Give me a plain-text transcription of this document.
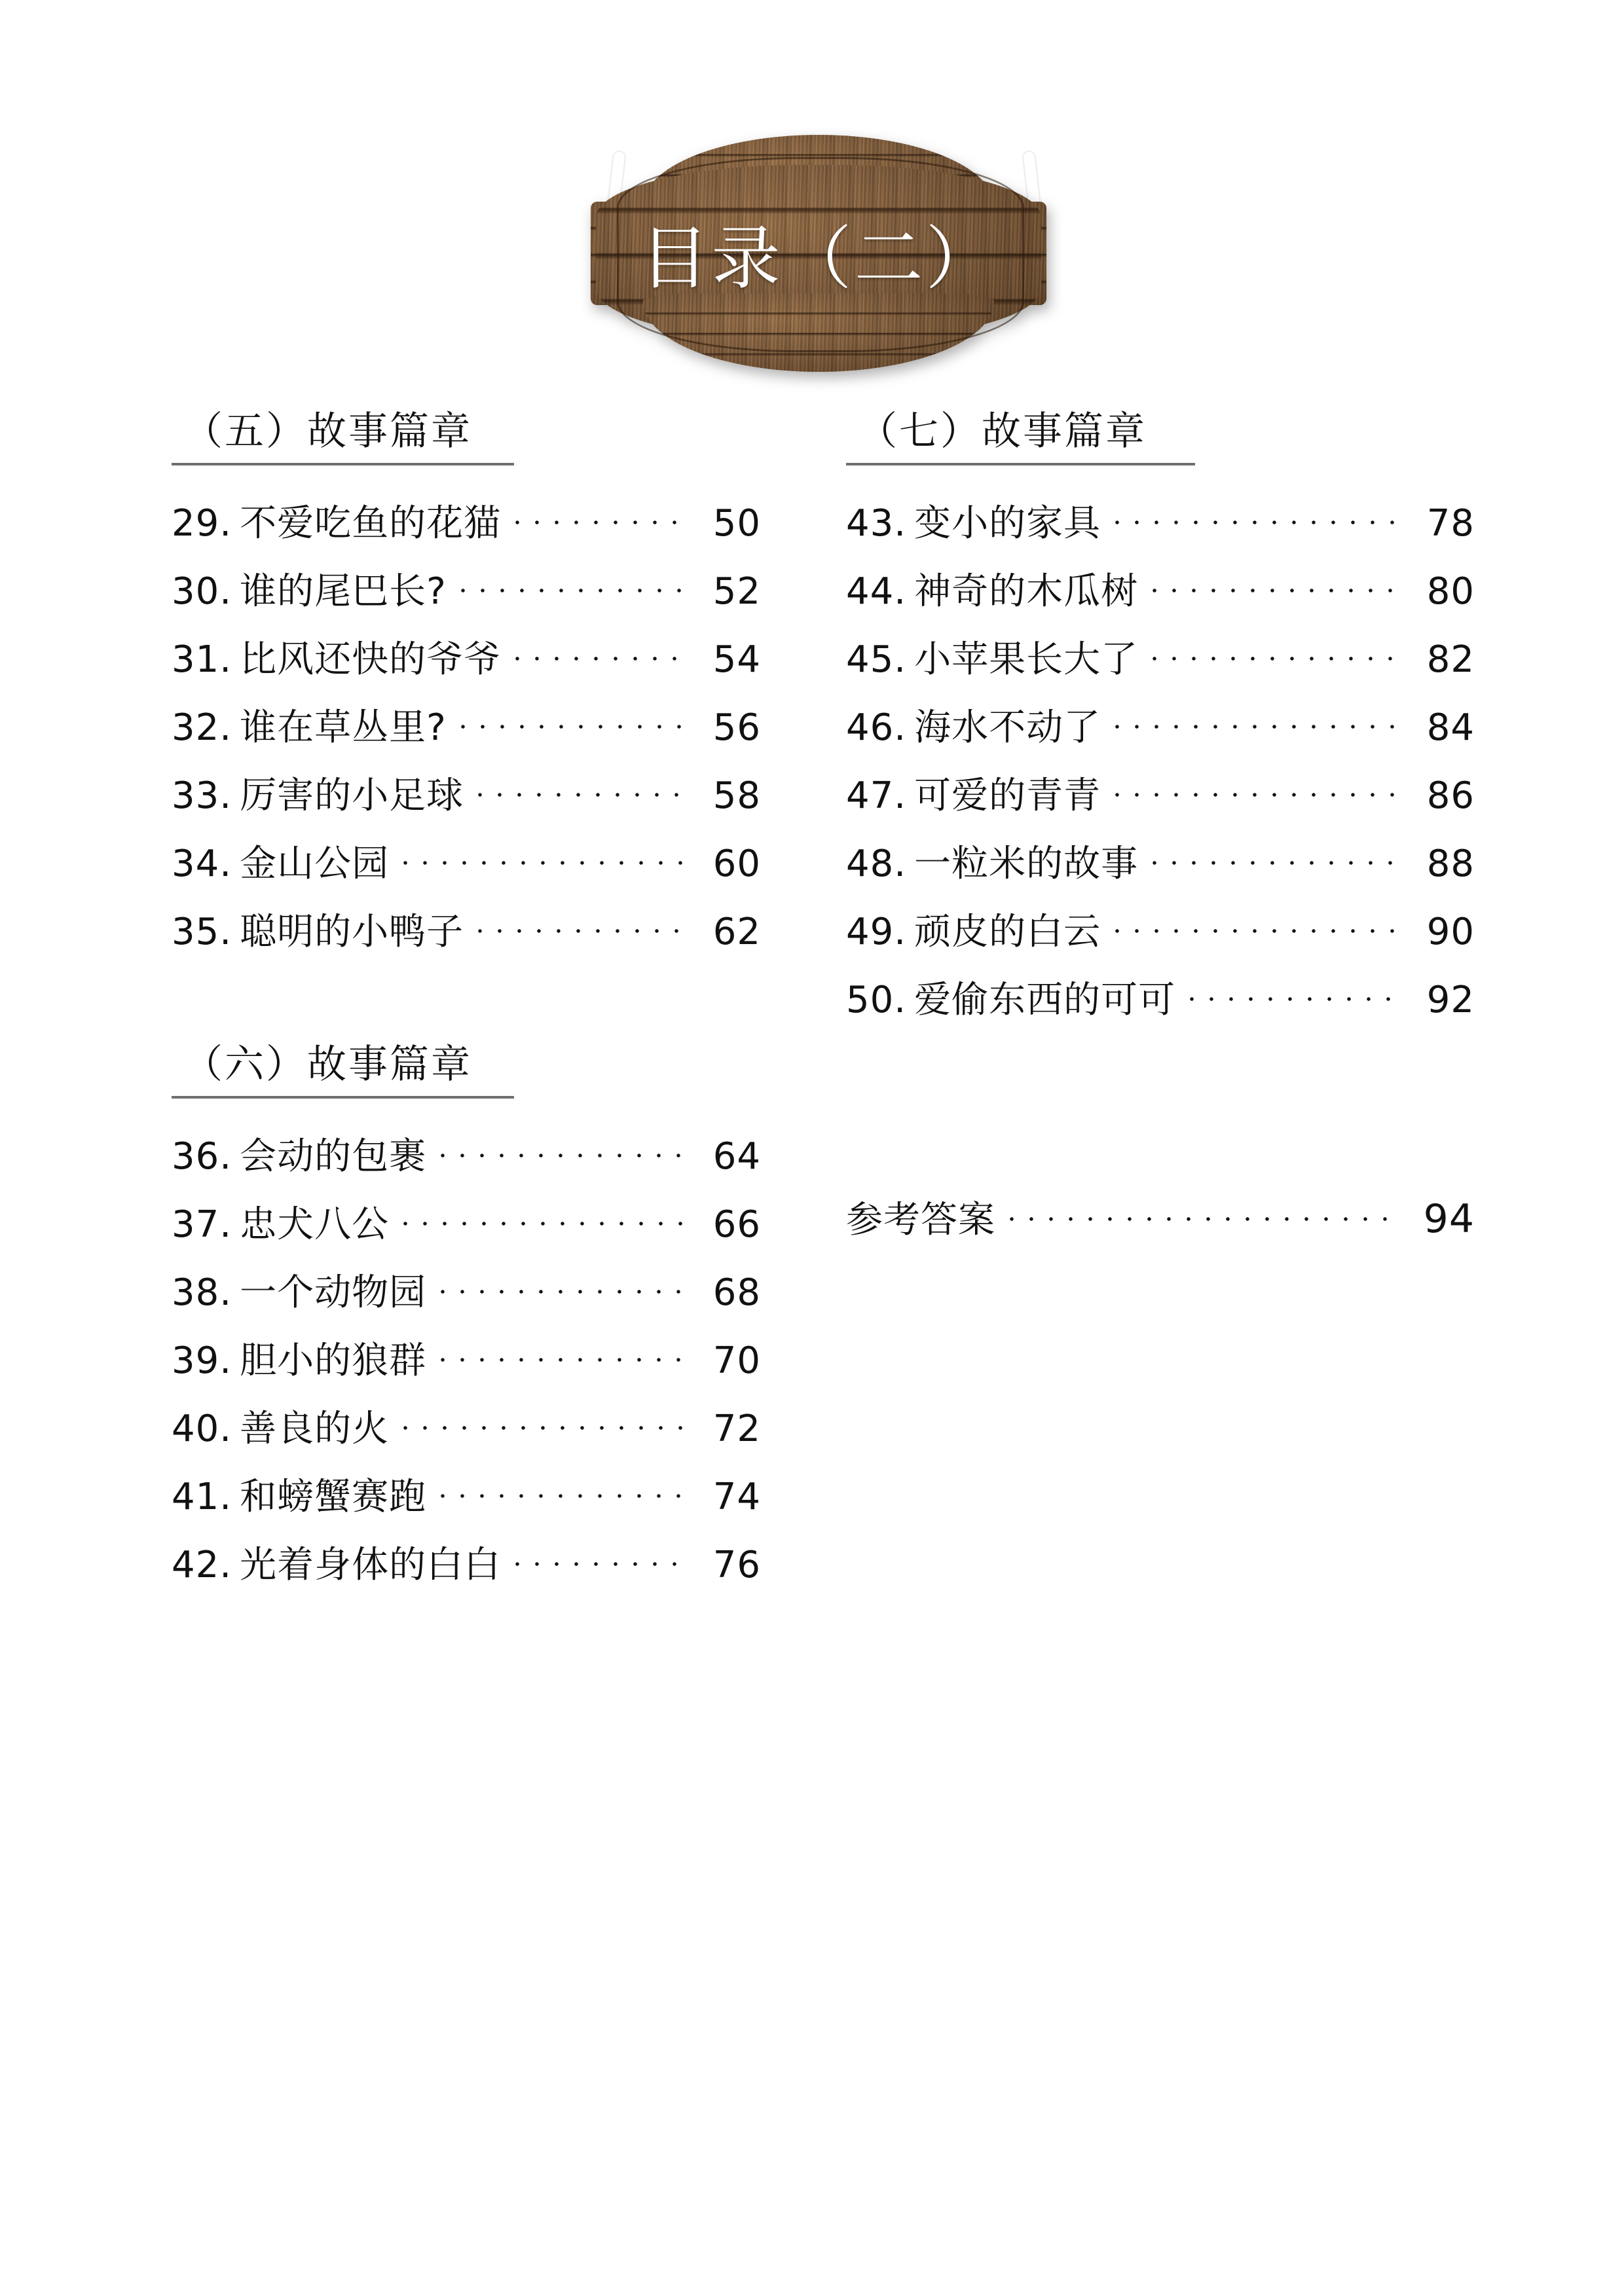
目录（二）
（五）故事篇章
29. 不爱吃鱼的花猫	50
30. 谁的尾巴长?	52
31. 比风还快的爷爷	54
32. 谁在草丛里?	56
33. 厉害的小足球	58
34. 金山公园	60
35. 聪明的小鸭子	62
（六）故事篇章
36. 会动的包裹	64
37. 忠犬八公	66
38. 一个动物园	68
39. 胆小的狼群	70
40. 善良的火	72
41. 和螃蟹赛跑	74
42. 光着身体的白白	76
（七）故事篇章
43. 变小的家具	78
44. 神奇的木瓜树	80
45. 小苹果长大了	82
46. 海水不动了	84
47. 可爱的青青	86
48. 一粒米的故事	88
49. 顽皮的白云	90
50. 爱偷东西的可可	92
参考答案	94
